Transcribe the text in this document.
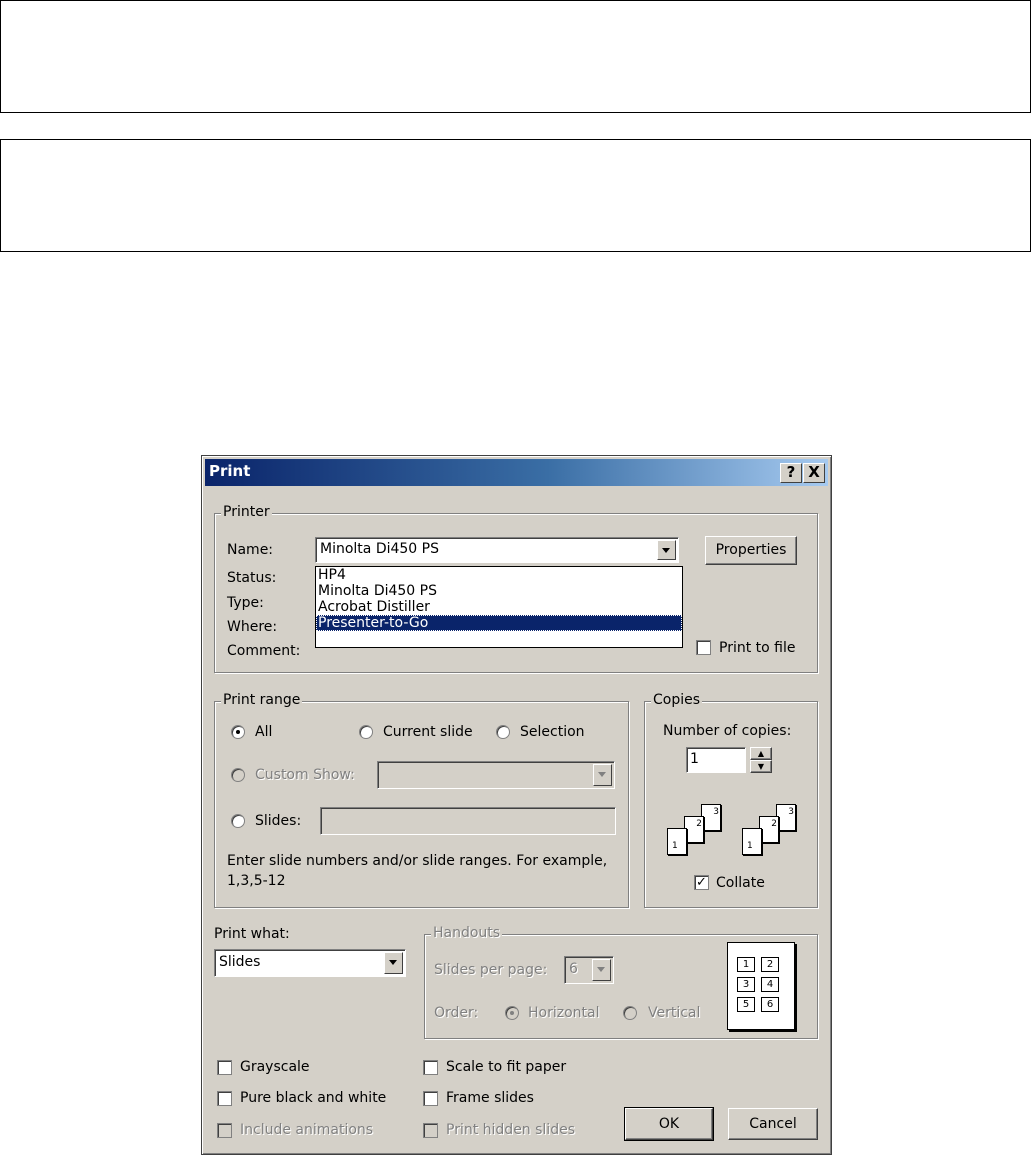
Print	? X
Printer
Name:	Minolta Di450 PS	Properties
Status:
Type:
Where:
Comment:	Print to file
HP4
Minolta Di450 PS
Acrobat Distiller
Presenter-to-Go
Print range
All	Current slide	Selection
Custom Show:
Slides:
Enter slide numbers and/or slide ranges. For example,
1,3,5-12
Copies
Number of copies:
1	▲
▼
3
2
1
3
2
1
✓ Collate
Print what:
Slides
Handouts
Slides per page: 6
Order:	Horizontal	Vertical
1	2
3	4
5	6
Grayscale
Pure black and white
Include animations
Scale to fit paper
Frame slides
Print hidden slides	OK	Cancel
